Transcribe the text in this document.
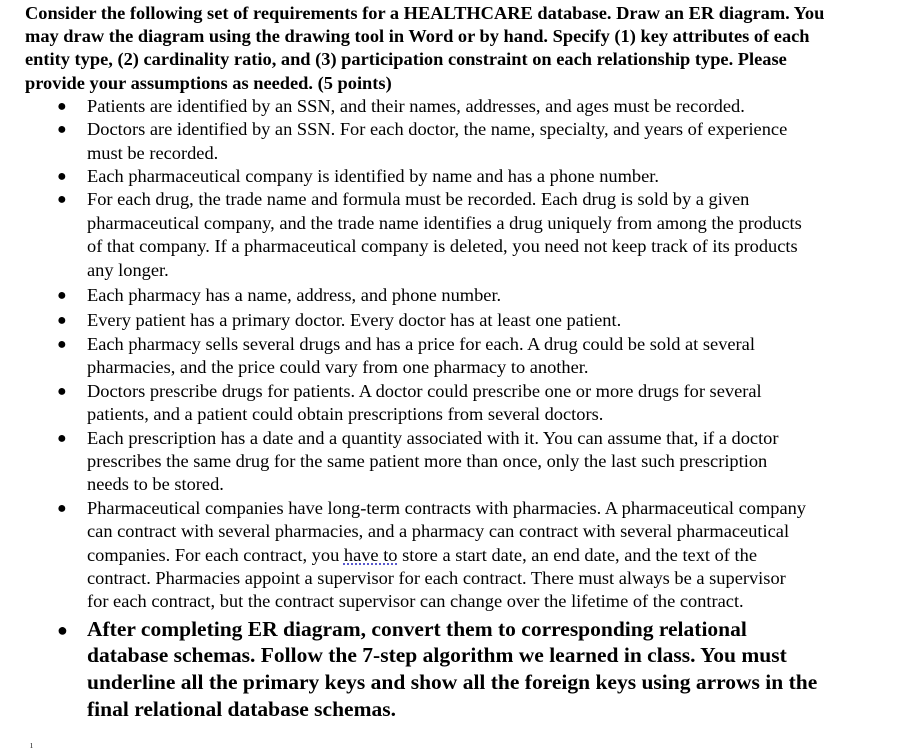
Consider the following set of requirements for a HEALTHCARE database. Draw an ER diagram. You may draw the diagram using the drawing tool in Word or by hand. Specify (1) key attributes of each entity type, (2) cardinality ratio, and (3) participation constraint on each relationship type. Please provide your assumptions as needed. (5 points)

● Patients are identified by an SSN, and their names, addresses, and ages must be recorded.
● Doctors are identified by an SSN. For each doctor, the name, specialty, and years of experience must be recorded.
● Each pharmaceutical company is identified by name and has a phone number.
● For each drug, the trade name and formula must be recorded. Each drug is sold by a given pharmaceutical company, and the trade name identifies a drug uniquely from among the products of that company. If a pharmaceutical company is deleted, you need not keep track of its products any longer.
● Each pharmacy has a name, address, and phone number.
● Every patient has a primary doctor. Every doctor has at least one patient.
● Each pharmacy sells several drugs and has a price for each. A drug could be sold at several pharmacies, and the price could vary from one pharmacy to another.
● Doctors prescribe drugs for patients. A doctor could prescribe one or more drugs for several patients, and a patient could obtain prescriptions from several doctors.
● Each prescription has a date and a quantity associated with it. You can assume that, if a doctor prescribes the same drug for the same patient more than once, only the last such prescription needs to be stored.
● Pharmaceutical companies have long-term contracts with pharmacies. A pharmaceutical company can contract with several pharmacies, and a pharmacy can contract with several pharmaceutical companies. For each contract, you have to store a start date, an end date, and the text of the contract. Pharmacies appoint a supervisor for each contract. There must always be a supervisor for each contract, but the contract supervisor can change over the lifetime of the contract.
● After completing ER diagram, convert them to corresponding relational database schemas. Follow the 7-step algorithm we learned in class. You must underline all the primary keys and show all the foreign keys using arrows in the final relational database schemas.
ı
